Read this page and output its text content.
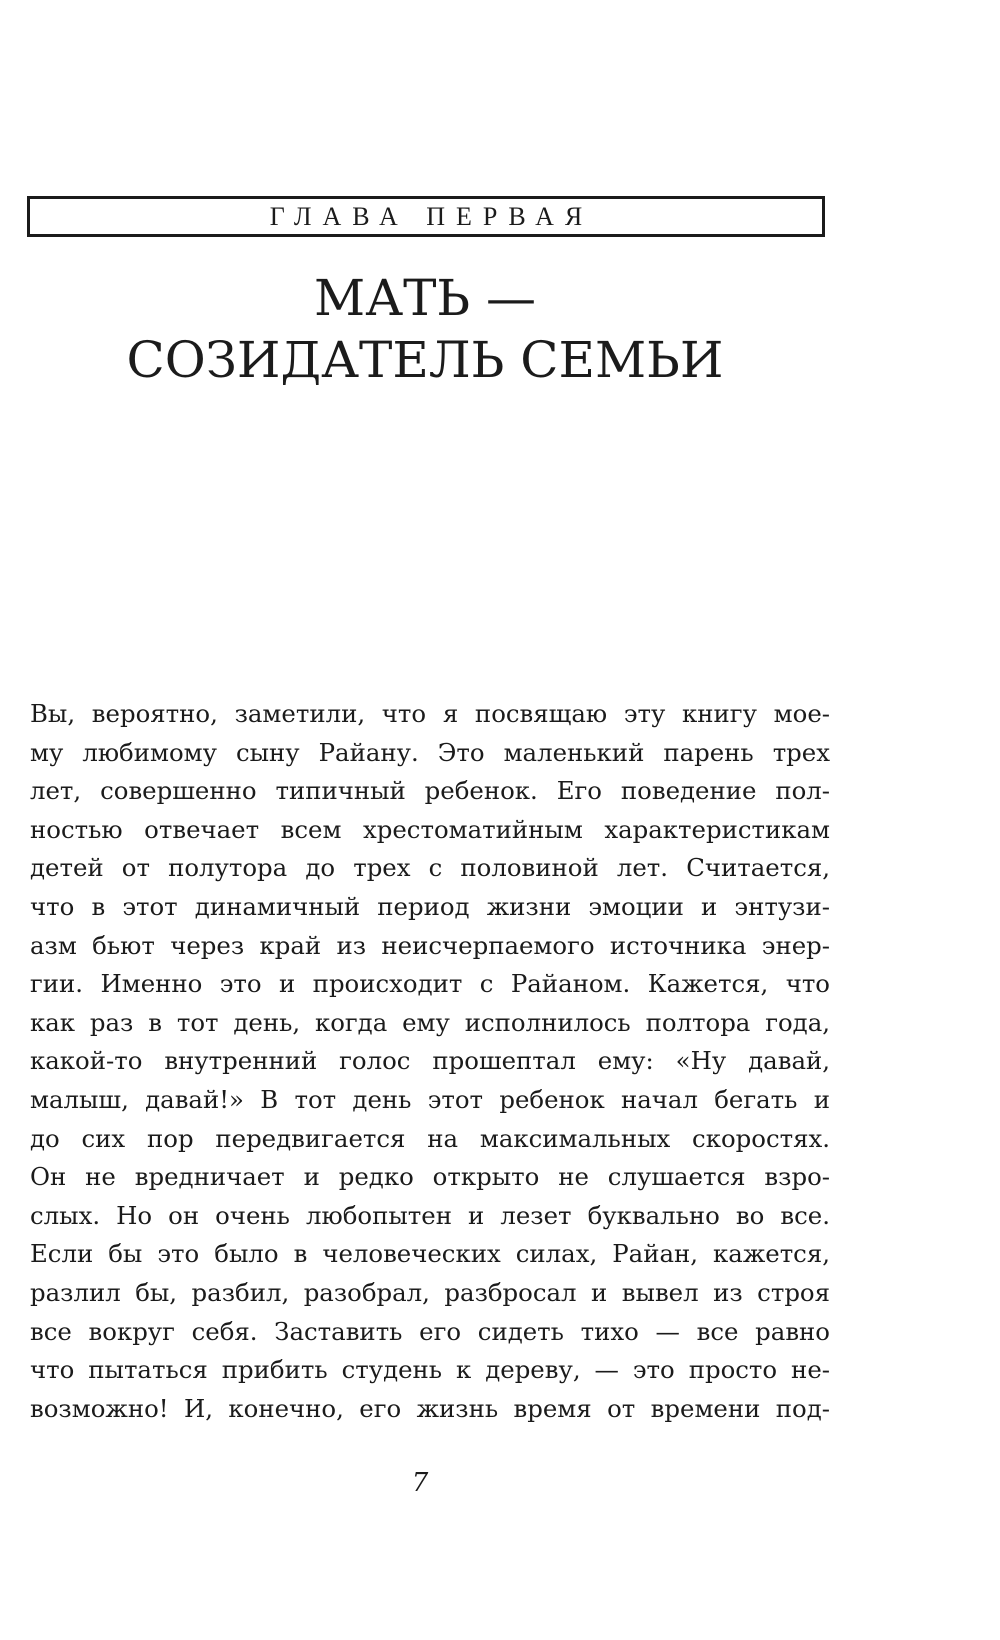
ГЛАВА ПЕРВАЯ
МАТЬ —
СОЗИДАТЕЛЬ СЕМЬИ
Вы, вероятно, заметили, что я посвящаю эту книгу мое-
му любимому сыну Райану. Это маленький парень трех
лет, совершенно типичный ребенок. Его поведение пол-
ностью отвечает всем хрестоматийным характеристикам
детей от полутора до трех с половиной лет. Считается,
что в этот динамичный период жизни эмоции и энтузи-
азм бьют через край из неисчерпаемого источника энер-
гии. Именно это и происходит с Райаном. Кажется, что
как раз в тот день, когда ему исполнилось полтора года,
какой-то внутренний голос прошептал ему: «Ну давай,
малыш, давай!» В тот день этот ребенок начал бегать и
до сих пор передвигается на максимальных скоростях.
Он не вредничает и редко открыто не слушается взро-
слых. Но он очень любопытен и лезет буквально во все.
Если бы это было в человеческих силах, Райан, кажется,
разлил бы, разбил, разобрал, разбросал и вывел из строя
все вокруг себя. Заставить его сидеть тихо — все равно
что пытаться прибить студень к дереву, — это просто не-
возможно! И, конечно, его жизнь время от времени под-
7
